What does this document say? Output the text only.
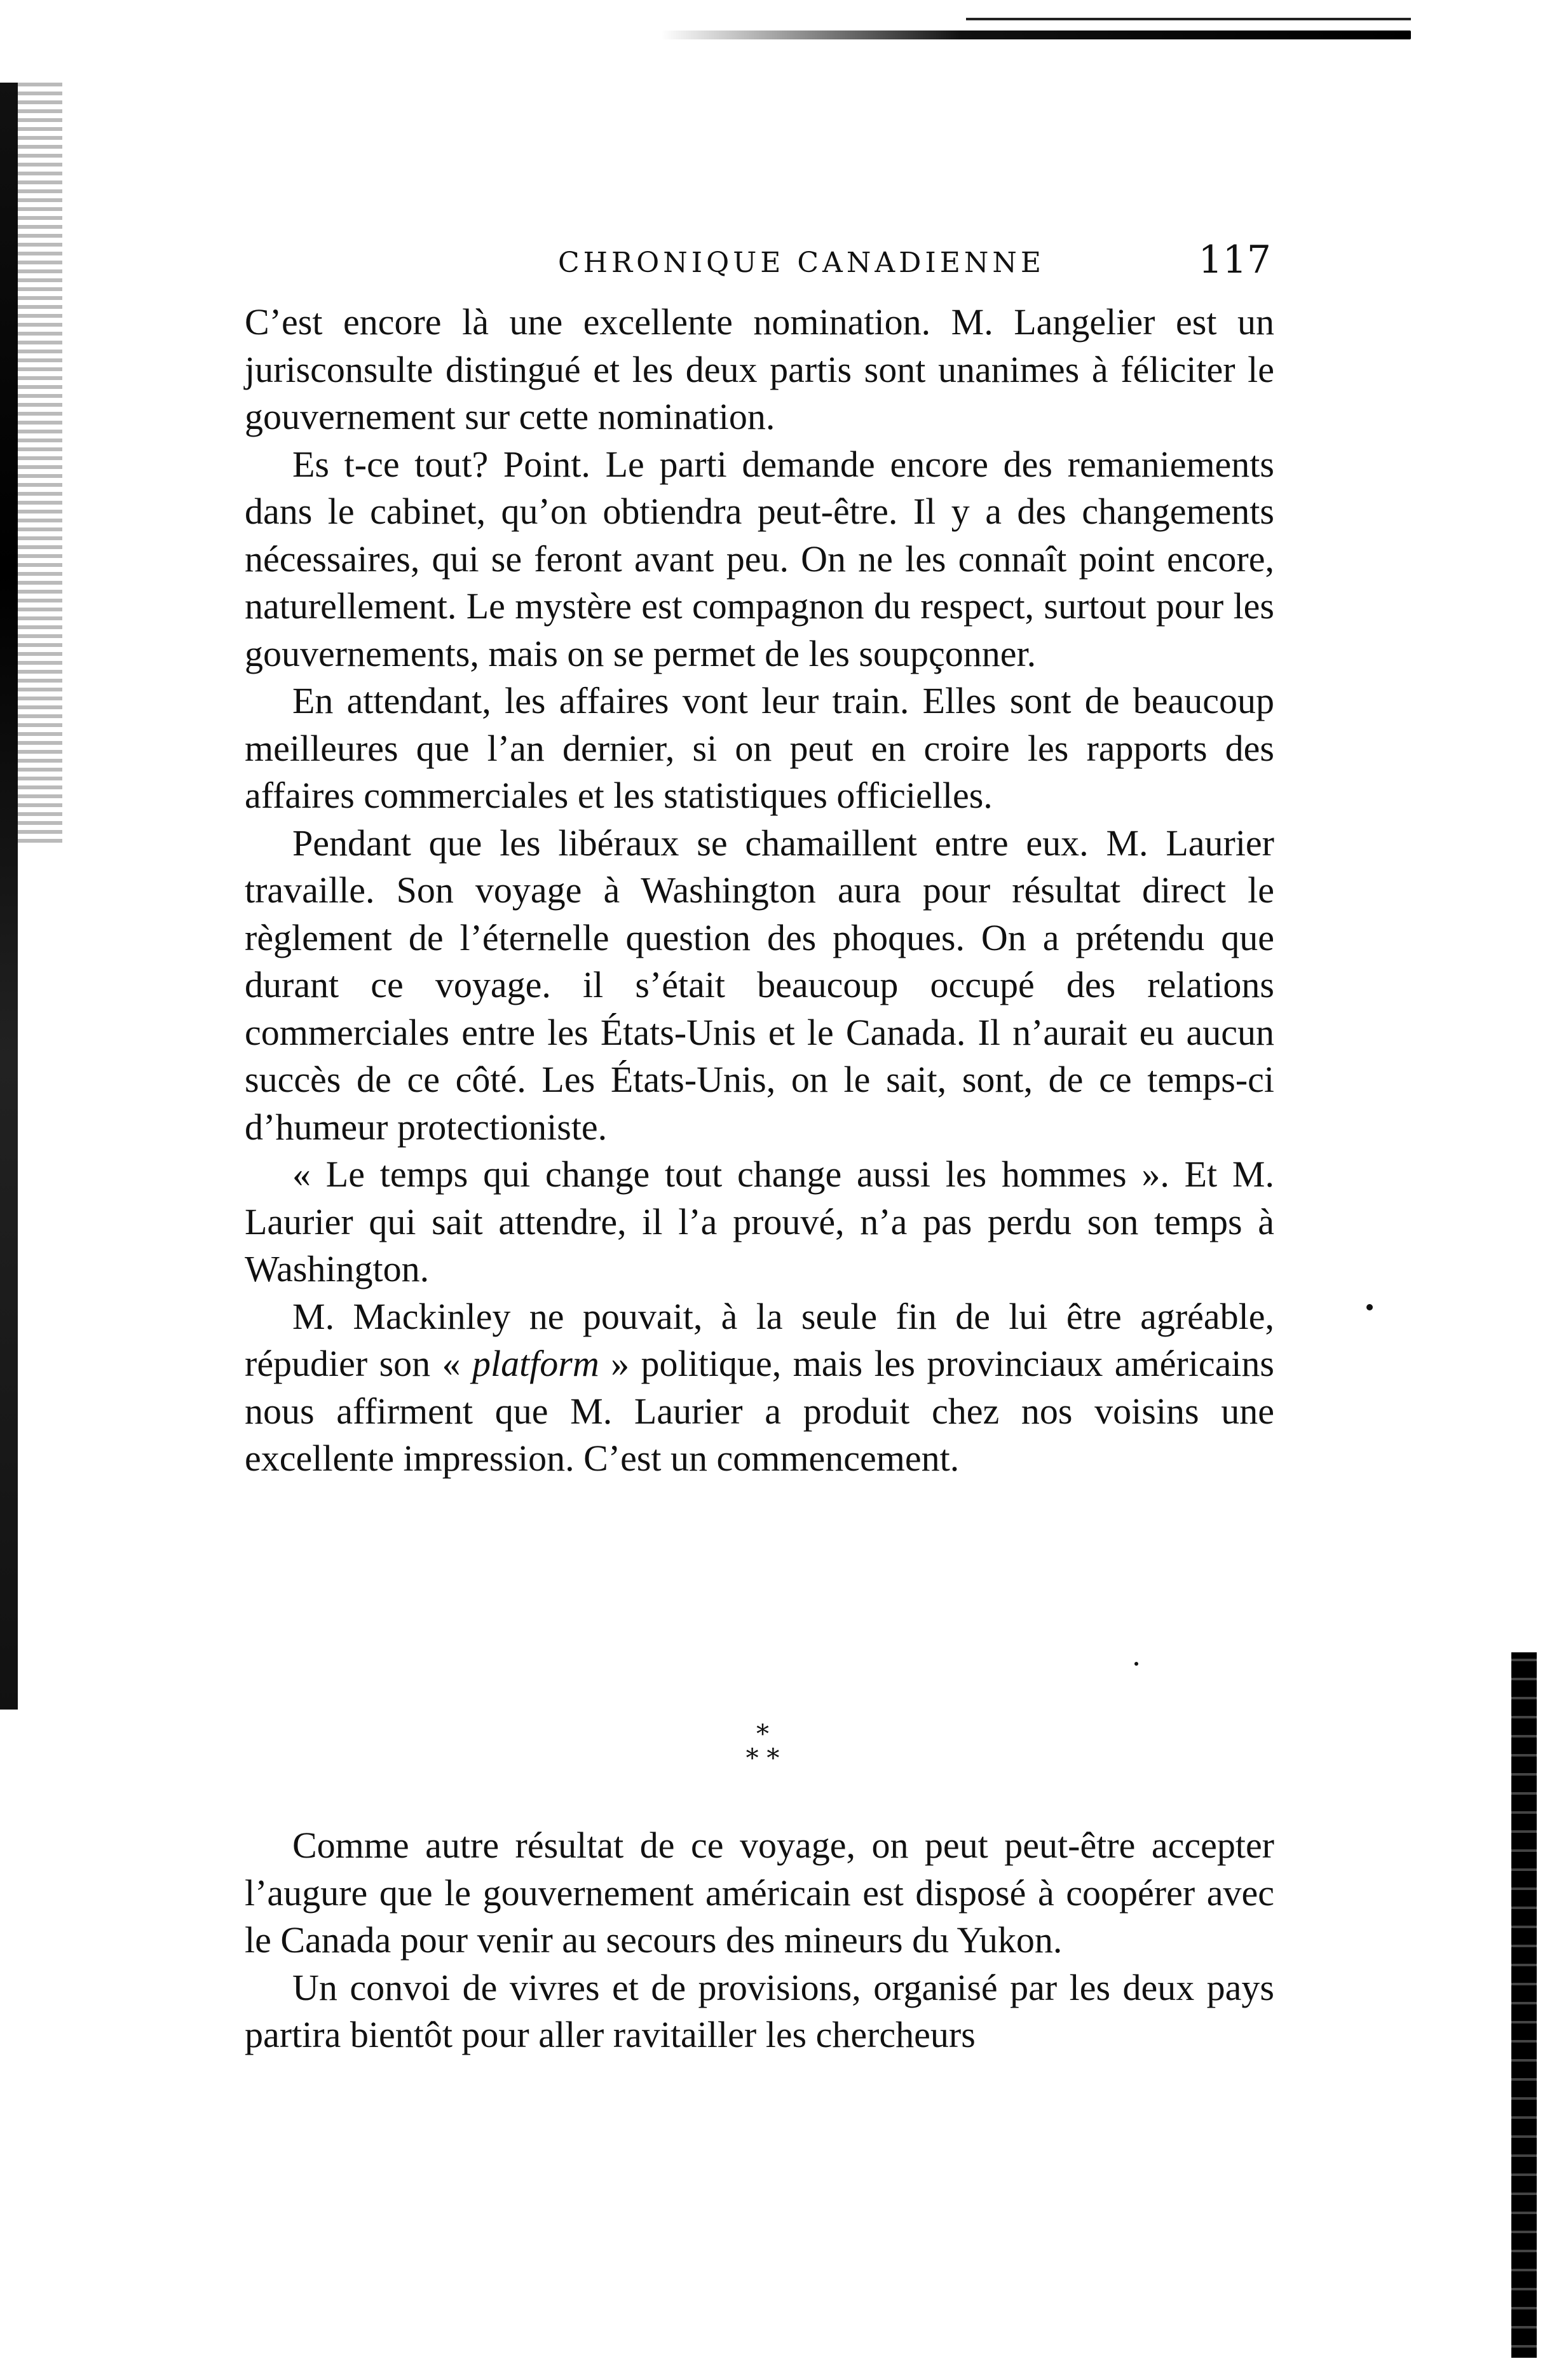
CHRONIQUE CANADIENNE	117

C’est encore là une excellente nomination. M. Langelier est un jurisconsulte distingué et les deux partis sont unanimes à féliciter le gouvernement sur cette nomination.

Es t-ce tout? Point. Le parti demande encore des remaniements dans le cabinet, qu’on obtiendra peut-être. Il y a des changements nécessaires, qui se feront avant peu. On ne les connaît point encore, naturellement. Le mystère est compagnon du respect, surtout pour les gouvernements, mais on se permet de les soupçonner.

En attendant, les affaires vont leur train. Elles sont de beaucoup meilleures que l’an dernier, si on peut en croire les rapports des affaires commerciales et les statistiques officielles.

Pendant que les libéraux se chamaillent entre eux. M. Laurier travaille. Son voyage à Washington aura pour résultat direct le règlement de l’éternelle question des phoques. On a prétendu que durant ce voyage. il s’était beaucoup occupé des relations commerciales entre les États-Unis et le Canada. Il n’aurait eu aucun succès de ce côté. Les États-Unis, on le sait, sont, de ce temps-ci d’humeur protectioniste.

« Le temps qui change tout change aussi les hommes ». Et M. Laurier qui sait attendre, il l’a prouvé, n’a pas perdu son temps à Washington.

M. Mackinley ne pouvait, à la seule fin de lui être agréable, répudier son « platform » politique, mais les provinciaux américains nous affirment que M. Laurier a produit chez nos voisins une excellente impression. C’est un commencement.

*
* *

Comme autre résultat de ce voyage, on peut peut-être accepter l’augure que le gouvernement américain est disposé à coopérer avec le Canada pour venir au secours des mineurs du Yukon.

Un convoi de vivres et de provisions, organisé par les deux pays partira bientôt pour aller ravitailler les chercheurs
